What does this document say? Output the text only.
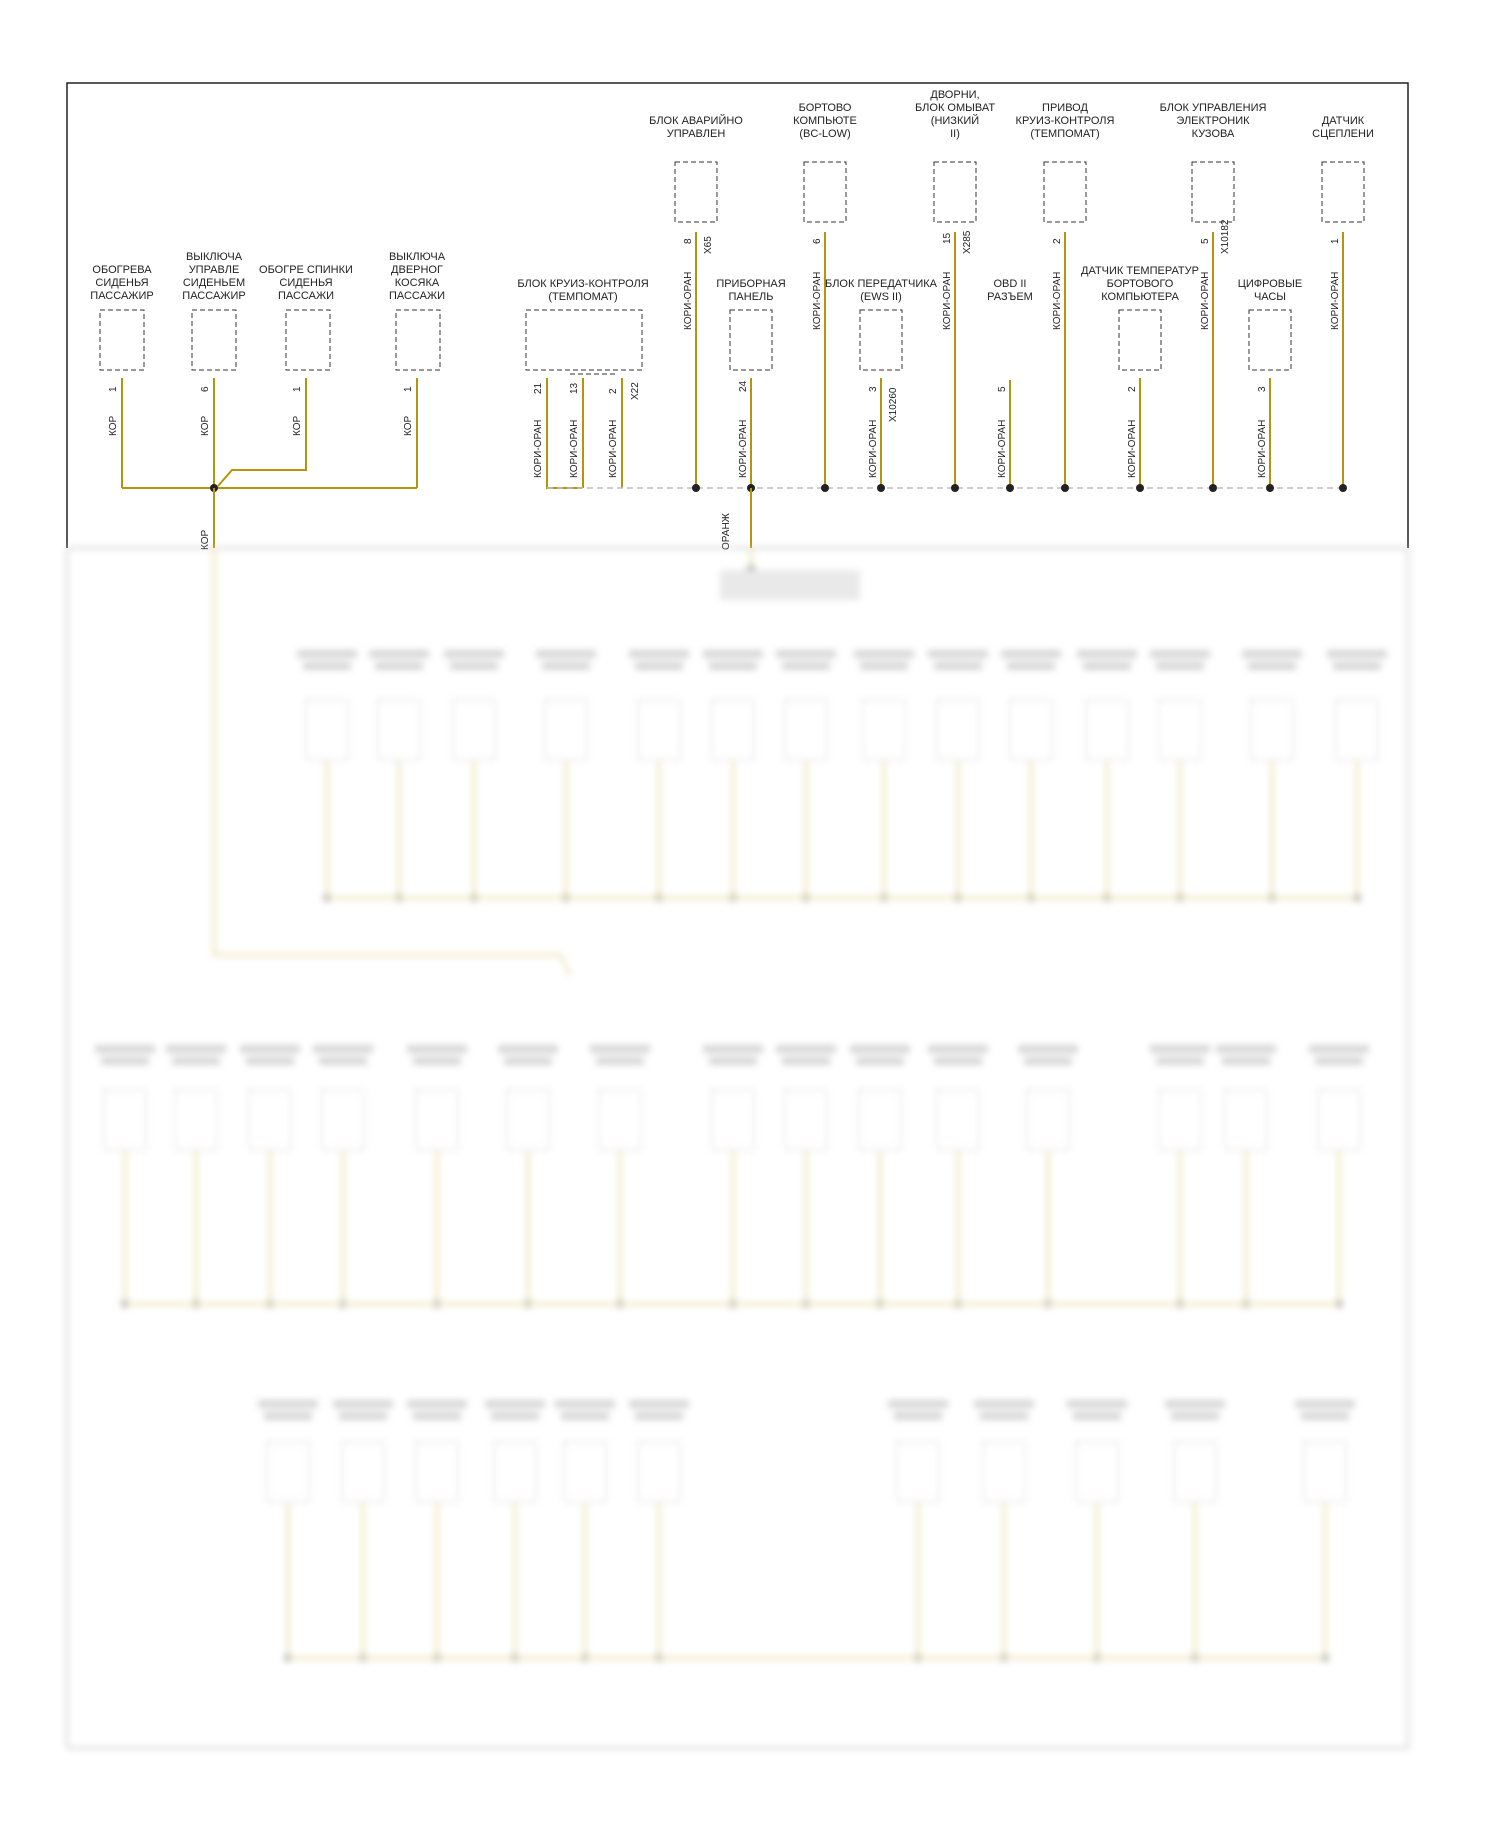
ОБОГРЕВА
СИДЕНЬЯ
ПАССАЖИР
1
КОР
ВЫКЛЮЧА
УПРАВЛЕ
СИДЕНЬЕМ
ПАССАЖИР
6
КОР
ОБОГРЕ СПИНКИ
СИДЕНЬЯ
ПАССАЖИ
1
КОР
ВЫКЛЮЧА
ДВЕРНОГ
КОСЯКА
ПАССАЖИ
1
КОР
КОР
БЛОК КРУИЗ-КОНТРОЛЯ
(ТЕМПОМАТ)
21	13	2 X22
КОРИ-ОРАН	КОРИ-ОРАН	КОРИ-ОРАН
БЛОК АВАРИЙНО
УПРАВЛЕН
8 X65
КОРИ-ОРАН
БОРТОВО
КОМПЬЮТЕ
(BC-LOW)
6
КОРИ-ОРАН
ДВОРНИ,
БЛОК ОМЫВАТ
(НИЗКИЙ
II)
15 X285
КОРИ-ОРАН
ПРИВОД
КРУИЗ-КОНТРОЛЯ
(ТЕМПОМАТ)
2
КОРИ-ОРАН
БЛОК УПРАВЛЕНИЯ
ЭЛЕКТРОНИК
КУЗОВА
5 X10182
КОРИ-ОРАН
ДАТЧИК
СЦЕПЛЕНИ
1
КОРИ-ОРАН
ПРИБОРНАЯ
ПАНЕЛЬ
24
КОРИ-ОРАН
БЛОК ПЕРЕДАТЧИКА
(EWS II)
3 X10260
КОРИ-ОРАН
OBD II
РАЗЪЕМ
5
КОРИ-ОРАН
ДАТЧИК ТЕМПЕРАТУР
БОРТОВОГО
КОМПЬЮТЕРА
2
КОРИ-ОРАН
ЦИФРОВЫЕ
ЧАСЫ
3
КОРИ-ОРАН
ОРАНЖ
